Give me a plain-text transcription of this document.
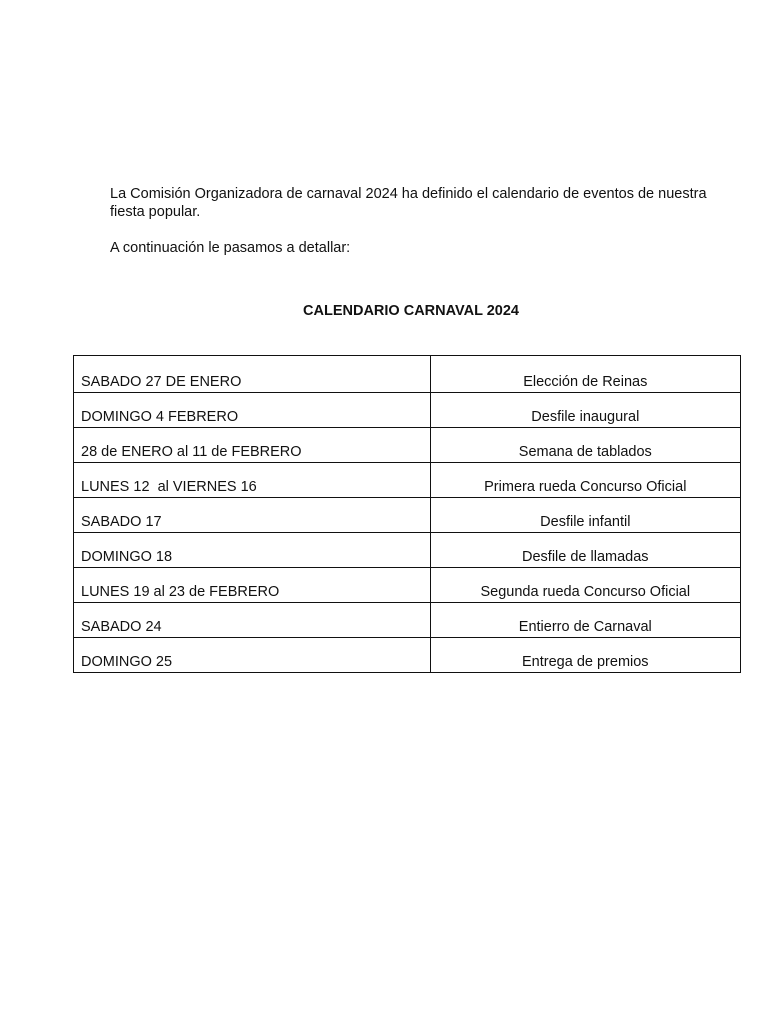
La Comisión Organizadora de carnaval 2024 ha definido el calendario de eventos de nuestra fiesta popular.

A continuación le pasamos a detallar:

CALENDARIO CARNAVAL 2024
SABADO 27 DE ENERO	Elección de Reinas
DOMINGO 4 FEBRERO	Desfile inaugural
28 de ENERO al 11 de FEBRERO	Semana de tablados
LUNES 12  al VIERNES 16	Primera rueda Concurso Oficial
SABADO 17	Desfile infantil
DOMINGO 18	Desfile de llamadas
LUNES 19 al 23 de FEBRERO	Segunda rueda Concurso Oficial
SABADO 24	Entierro de Carnaval
DOMINGO 25	Entrega de premios
